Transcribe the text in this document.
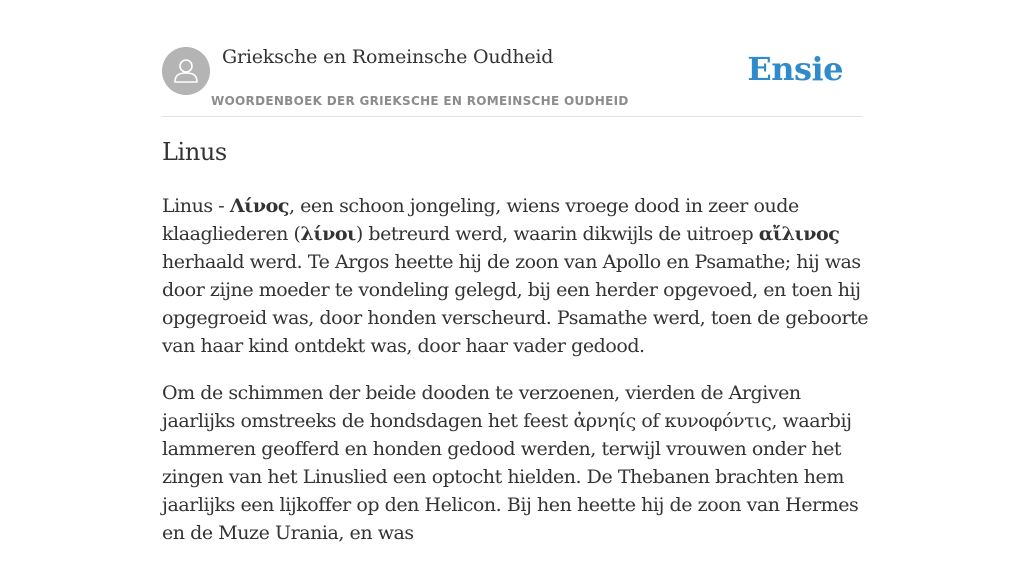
Grieksche en Romeinsche Oudheid
WOORDENBOEK DER GRIEKSCHE EN ROMEINSCHE OUDHEID
Ensie
Linus

Linus - Λίνος, een schoon jongeling, wiens vroege dood in zeer oude klaagliederen (λίνοι) betreurd werd, waarin dikwijls de uitroep αἴλινος herhaald werd. Te Argos heette hij de zoon van Apollo en Psamathe; hij was door zijne moeder te vondeling gelegd, bij een herder opgevoed, en toen hij opgegroeid was, door honden verscheurd. Psamathe werd, toen de geboorte van haar kind ontdekt was, door haar vader gedood.

Om de schimmen der beide dooden te verzoenen, vierden de Argiven jaarlijks omstreeks de hondsdagen het feest ἀρνηίς of κυνοφόντις, waarbij lammeren geofferd en honden gedood werden, terwijl vrouwen onder het zingen van het Linuslied een optocht hielden. De Thebanen brachten hem jaarlijks een lijkoffer op den Helicon. Bij hen heette hij de zoon van Hermes en de Muze Urania, en was
